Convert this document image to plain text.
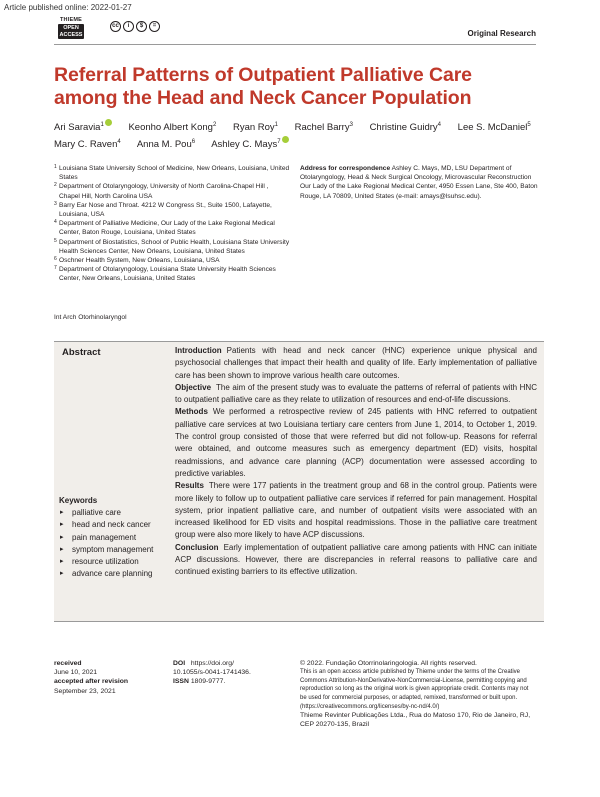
Article published online: 2022-01-27
THIEME
OPEN
ACCESS
cc	i	$	=
Original Research
Referral Patterns of Outpatient Palliative Care among the Head and Neck Cancer Population
Ari Saravia$^1$	Keonho Albert Kong$^2$ Ryan Roy$^1$ Rachel Barry$^3$ Christine Guidry$^4$ Lee S. McDaniel$^5$ Mary C. Raven$^4$ Anna M. Pou$^6$ Ashley C. Mays$^7$
1 Louisiana State University School of Medicine, New Orleans, Louisiana, United States
2 Department of Otolaryngology, University of North Carolina-Chapel Hill , Chapel Hill, North Carolina USA
3 Barry Ear Nose and Throat. 4212 W Congress St., Suite 1500, Lafayette, Louisiana, USA
4 Department of Palliative Medicine, Our Lady of the Lake Regional Medical Center, Baton Rouge, Louisiana, United States
5 Department of Biostatistics, School of Public Health, Louisiana State University Health Sciences Center, New Orleans, Louisiana, United States
6 Oschner Health System, New Orleans, Louisiana, USA
7 Department of Otolaryngology, Louisiana State University Health Sciences Center, New Orleans, Louisiana, United States
Address for correspondence Ashley C. Mays, MD, LSU Department of Otolaryngology, Head & Neck Surgical Oncology, Microvascular Reconstruction Our Lady of the Lake Regional Medical Center, 4950 Essen Lane, Ste 400, Baton Rouge, LA 70809, United States (e-mail: amays@lsuhsc.edu).
Int Arch Otorhinolaryngol
Abstract	Introduction Patients with head and neck cancer (HNC) experience unique physical and psychosocial challenges that impact their health and quality of life. Early implementation of palliative care has been shown to improve various health care outcomes.

Objective The aim of the present study was to evaluate the patterns of referral of patients with HNC to outpatient palliative care as they relate to utilization of resources and end-of-life discussions.

Methods We performed a retrospective review of 245 patients with HNC referred to outpatient palliative care services at two Louisiana tertiary care centers from June 1, 2014, to October 1, 2019. The control group consisted of those that were referred but did not follow-up. Reasons for referral were obtained, and outcome measures such as emergency department (ED) visits, hospital readmissions, and advance care planning (ACP) documentation were assessed according to predictive variables.

Results There were 177 patients in the treatment group and 68 in the control group. Patients were more likely to follow up to outpatient palliative care services if referred for pain management. Hospital system, prior inpatient palliative care, and number of outpatient visits were associated with an increased likelihood for ED visits and hospital readmissions. Those in the palliative care treatment group were also more likely to have ACP discussions.

Conclusion Early implementation of outpatient palliative care among patients with HNC can initiate ACP discussions. However, there are discrepancies in referral reasons to palliative care and continued existing barriers to its effective utilization.

Keywords
▸ palliative care
▸ head and neck cancer
▸ pain management
▸ symptom management
▸ resource utilization
▸ advance care planning
received
June 10, 2021
accepted after revision
September 23, 2021
DOI
https://doi.org/
10.1055/s-0041-1741436.
ISSN
1809-9777.
© 2022. Fundação Otorrinolaringologia. All rights reserved.
This is an open access article published by Thieme under the terms of the Creative Commons Attribution-NonDerivative-NonCommercial-License, permitting copying and reproduction so long as the original work is given appropriate credit. Contents may not be used for commercial purposes, or adapted, remixed, transformed or built upon. (https://creativecommons.org/licenses/by-nc-nd/4.0/)
Thieme Revinter Publicações Ltda., Rua do Matoso 170, Rio de Janeiro, RJ, CEP 20270-135, Brazil
